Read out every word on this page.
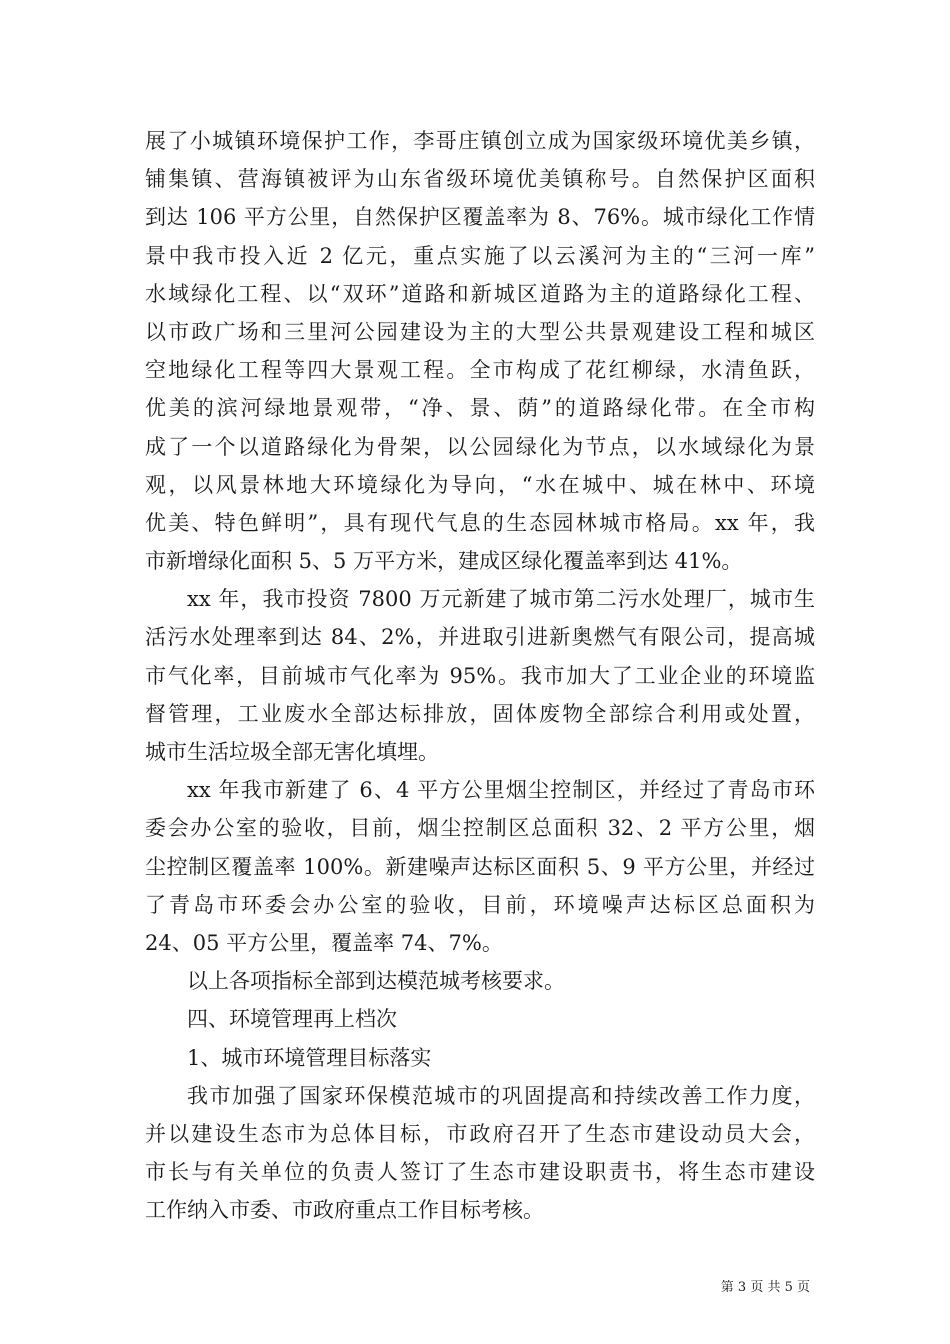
展了小城镇环境保护工作，李哥庄镇创立成为国家级环境优美乡镇，
铺集镇、营海镇被评为山东省级环境优美镇称号。自然保护区面积
到达 106 平方公里，自然保护区覆盖率为 8、76%。城市绿化工作情
景中我市投入近 2 亿元，重点实施了以云溪河为主的“三河一库”
水域绿化工程、以“双环”道路和新城区道路为主的道路绿化工程、
以市政广场和三里河公园建设为主的大型公共景观建设工程和城区
空地绿化工程等四大景观工程。全市构成了花红柳绿，水清鱼跃，
优美的滨河绿地景观带，“净、景、荫”的道路绿化带。在全市构
成了一个以道路绿化为骨架，以公园绿化为节点，以水域绿化为景
观，以风景林地大环境绿化为导向，“水在城中、城在林中、环境
优美、特色鲜明”，具有现代气息的生态园林城市格局。xx 年，我
市新增绿化面积 5、5 万平方米，建成区绿化覆盖率到达 41%。
xx 年，我市投资 7800 万元新建了城市第二污水处理厂，城市生
活污水处理率到达 84、2%，并进取引进新奥燃气有限公司，提高城
市气化率，目前城市气化率为 95%。我市加大了工业企业的环境监
督管理，工业废水全部达标排放，固体废物全部综合利用或处置，
城市生活垃圾全部无害化填埋。
xx 年我市新建了 6、4 平方公里烟尘控制区，并经过了青岛市环
委会办公室的验收，目前，烟尘控制区总面积 32、2 平方公里，烟
尘控制区覆盖率 100%。新建噪声达标区面积 5、9 平方公里，并经过
了青岛市环委会办公室的验收，目前，环境噪声达标区总面积为
24、05 平方公里，覆盖率 74、7%。
以上各项指标全部到达模范城考核要求。
四、环境管理再上档次
1、城市环境管理目标落实
我市加强了国家环保模范城市的巩固提高和持续改善工作力度，
并以建设生态市为总体目标，市政府召开了生态市建设动员大会，
市长与有关单位的负责人签订了生态市建设职责书，将生态市建设
工作纳入市委、市政府重点工作目标考核。
第 3 页 共 5 页
